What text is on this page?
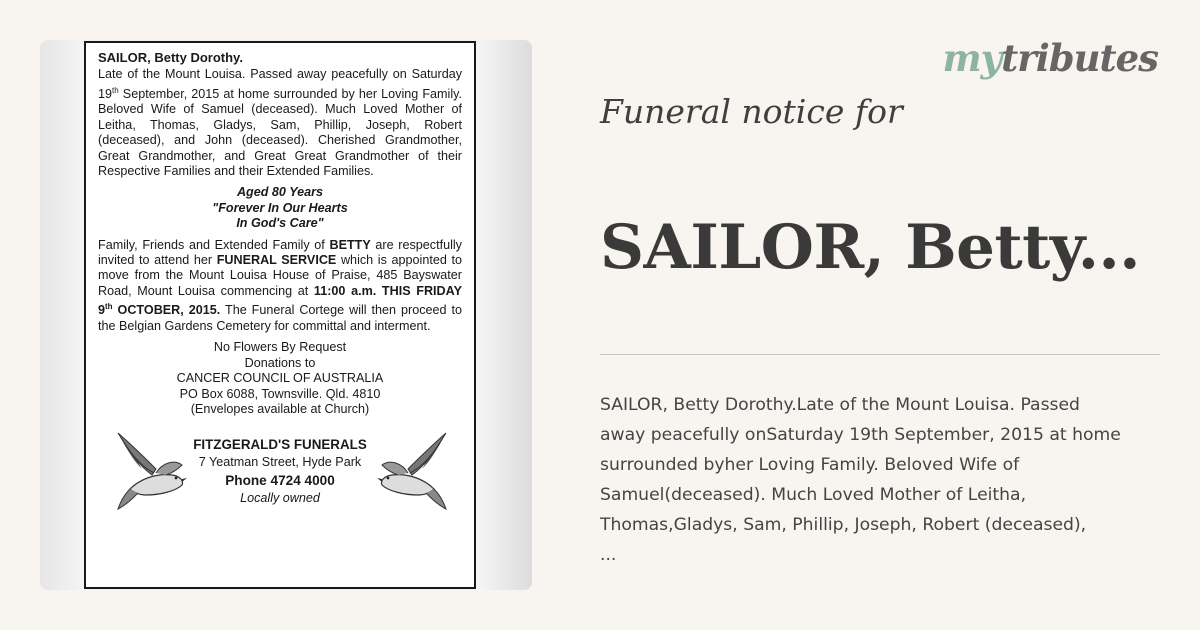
SAILOR, Betty Dorothy.
Late of the Mount Louisa. Passed away peacefully on Saturday 19th September, 2015 at home surrounded by her Loving Family. Beloved Wife of Samuel (deceased). Much Loved Mother of Leitha, Thomas, Gladys, Sam, Phillip, Joseph, Robert (deceased), and John (deceased). Cherished Grandmother, Great Grandmother, and Great Great Grandmother of their Respective Families and their Extended Families.
Aged 80 Years
"Forever In Our Hearts
In God's Care"
Family, Friends and Extended Family of BETTY are respectfully invited to attend her FUNERAL SERVICE which is appointed to move from the Mount Louisa House of Praise, 485 Bayswater Road, Mount Louisa commencing at 11:00 a.m. THIS FRIDAY 9th OCTOBER, 2015. The Funeral Cortege will then proceed to the Belgian Gardens Cemetery for committal and interment.
No Flowers By Request
Donations to
CANCER COUNCIL OF AUSTRALIA
PO Box 6088, Townsville. Qld. 4810
(Envelopes available at Church)
FITZGERALD'S FUNERALS
7 Yeatman Street, Hyde Park
Phone 4724 4000
Locally owned
mytributes
Funeral notice for
SAILOR, Betty...
SAILOR, Betty Dorothy.Late of the Mount Louisa. Passed
away peacefully onSaturday 19th September, 2015 at home
surrounded byher Loving Family. Beloved Wife of
Samuel(deceased). Much Loved Mother of Leitha,
Thomas,Gladys, Sam, Phillip, Joseph, Robert (deceased),
...
